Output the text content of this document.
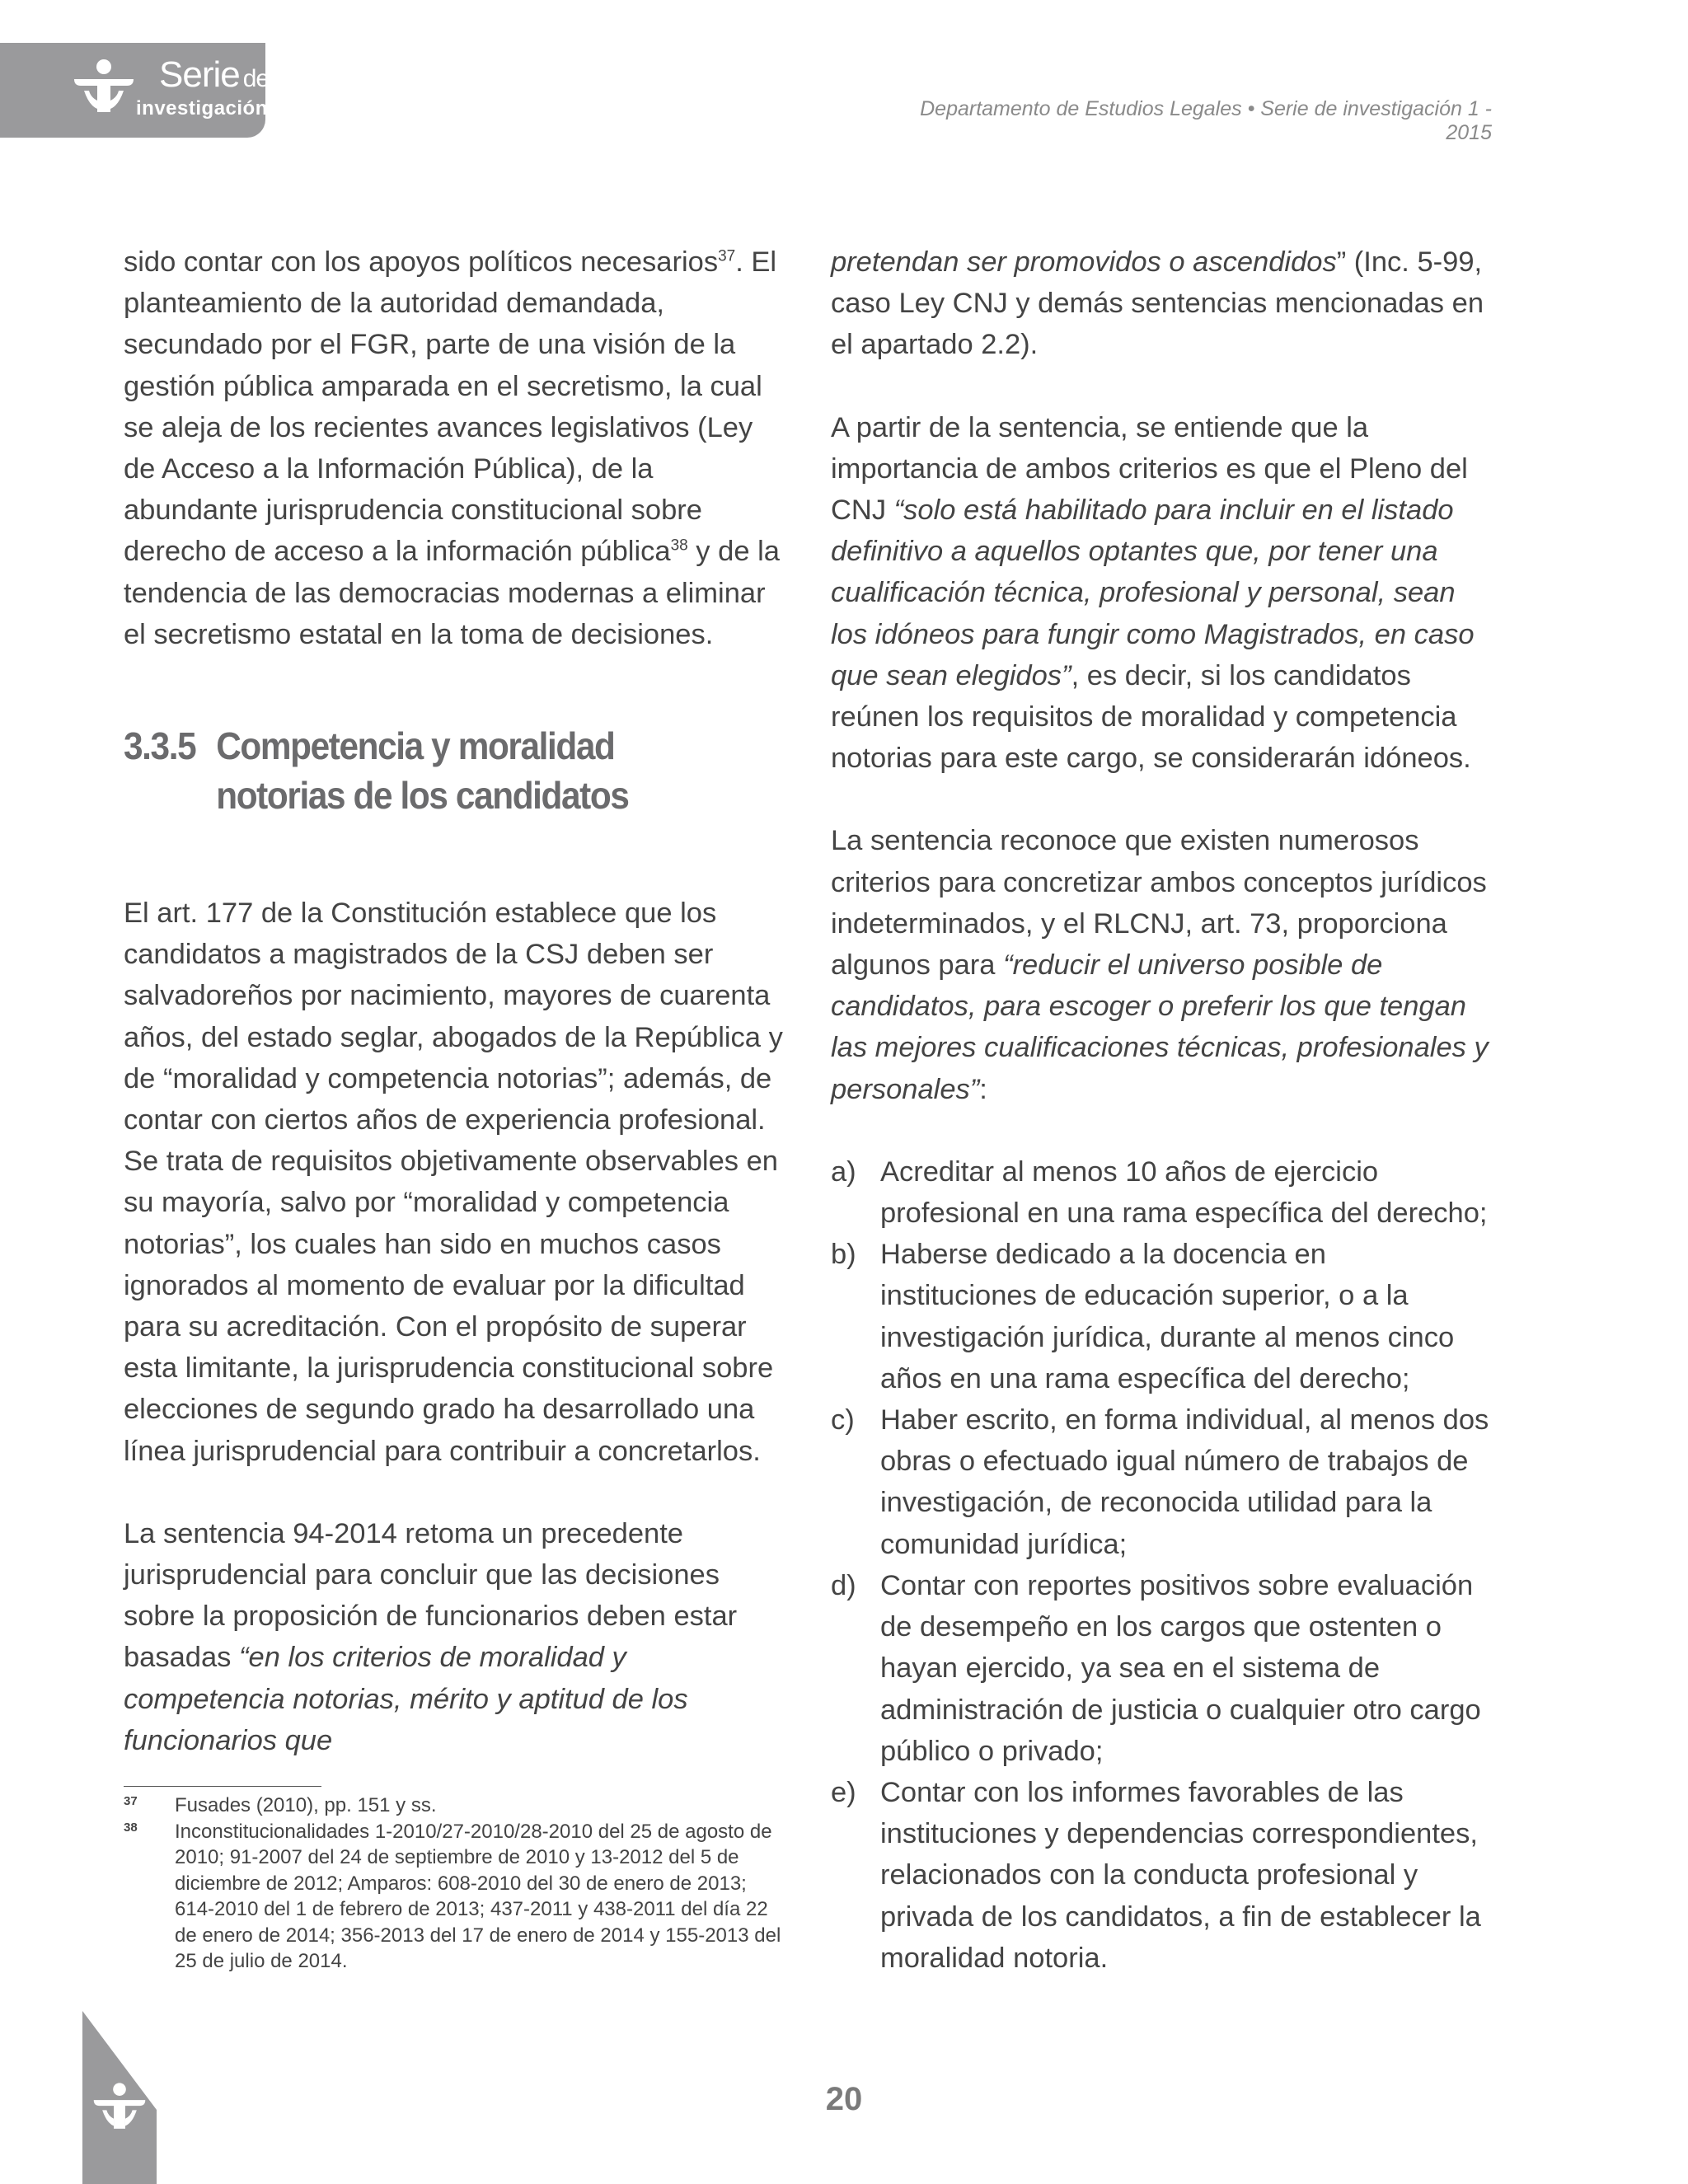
Serie de
investigación	Departamento de Estudios Legales • Serie de investigación 1 - 2015

sido contar con los apoyos políticos necesarios$^{37}$. El planteamiento de la autoridad demandada, secundado por el FGR, parte de una visión de la gestión pública amparada en el secretismo, la cual se aleja de los recientes avances legislativos (Ley de Acceso a la Información Pública), de la abundante jurisprudencia constitucional sobre derecho de acceso a la información pública$^{38}$ y de la tendencia de las democracias modernas a eliminar el secretismo estatal en la toma de decisiones.

3.3.5 Competencia y moralidad notorias de los candidatos

El art. 177 de la Constitución establece que los candidatos a magistrados de la CSJ deben ser salvadoreños por nacimiento, mayores de cuarenta años, del estado seglar, abogados de la República y de “moralidad y competencia notorias”; además, de contar con ciertos años de experiencia profesional. Se trata de requisitos objetivamente observables en su mayoría, salvo por “moralidad y competencia notorias”, los cuales han sido en muchos casos ignorados al momento de evaluar por la dificultad para su acreditación. Con el propósito de superar esta limitante, la jurisprudencia constitucional sobre elecciones de segundo grado ha desarrollado una línea jurisprudencial para contribuir a concretarlos.

La sentencia 94-2014 retoma un precedente jurisprudencial para concluir que las decisiones sobre la proposición de funcionarios deben estar basadas “en los criterios de moralidad y competencia notorias, mérito y aptitud de los funcionarios que

37	Fusades (2010), pp. 151 y ss.
38	Inconstitucionalidades 1-2010/27-2010/28-2010 del 25 de agosto de 2010; 91-2007 del 24 de septiembre de 2010 y 13-2012 del 5 de diciembre de 2012; Amparos: 608-2010 del 30 de enero de 2013; 614-2010 del 1 de febrero de 2013; 437-2011 y 438-2011 del día 22 de enero de 2014; 356-2013 del 17 de enero de 2014 y 155-2013 del 25 de julio de 2014.

pretendan ser promovidos o ascendidos” (Inc. 5-99, caso Ley CNJ y demás sentencias mencionadas en el apartado 2.2).

A partir de la sentencia, se entiende que la importancia de ambos criterios es que el Pleno del CNJ “solo está habilitado para incluir en el listado definitivo a aquellos optantes que, por tener una cualificación técnica, profesional y personal, sean los idóneos para fungir como Magistrados, en caso que sean elegidos”, es decir, si los candidatos reúnen los requisitos de moralidad y competencia notorias para este cargo, se considerarán idóneos.

La sentencia reconoce que existen numerosos criterios para concretizar ambos conceptos jurídicos indeterminados, y el RLCNJ, art. 73, proporciona algunos para “reducir el universo posible de candidatos, para escoger o preferir los que tengan las mejores cualificaciones técnicas, profesionales y personales”:

a) Acreditar al menos 10 años de ejercicio profesional en una rama específica del derecho;
b) Haberse dedicado a la docencia en instituciones de educación superior, o a la investigación jurídica, durante al menos cinco años en una rama específica del derecho;
c) Haber escrito, en forma individual, al menos dos obras o efectuado igual número de trabajos de investigación, de reconocida utilidad para la comunidad jurídica;
d) Contar con reportes positivos sobre evaluación de desempeño en los cargos que ostenten o hayan ejercido, ya sea en el sistema de administración de justicia o cualquier otro cargo público o privado;
e) Contar con los informes favorables de las instituciones y dependencias correspondientes, relacionados con la conducta profesional y privada de los candidatos, a fin de establecer la moralidad notoria.
20
